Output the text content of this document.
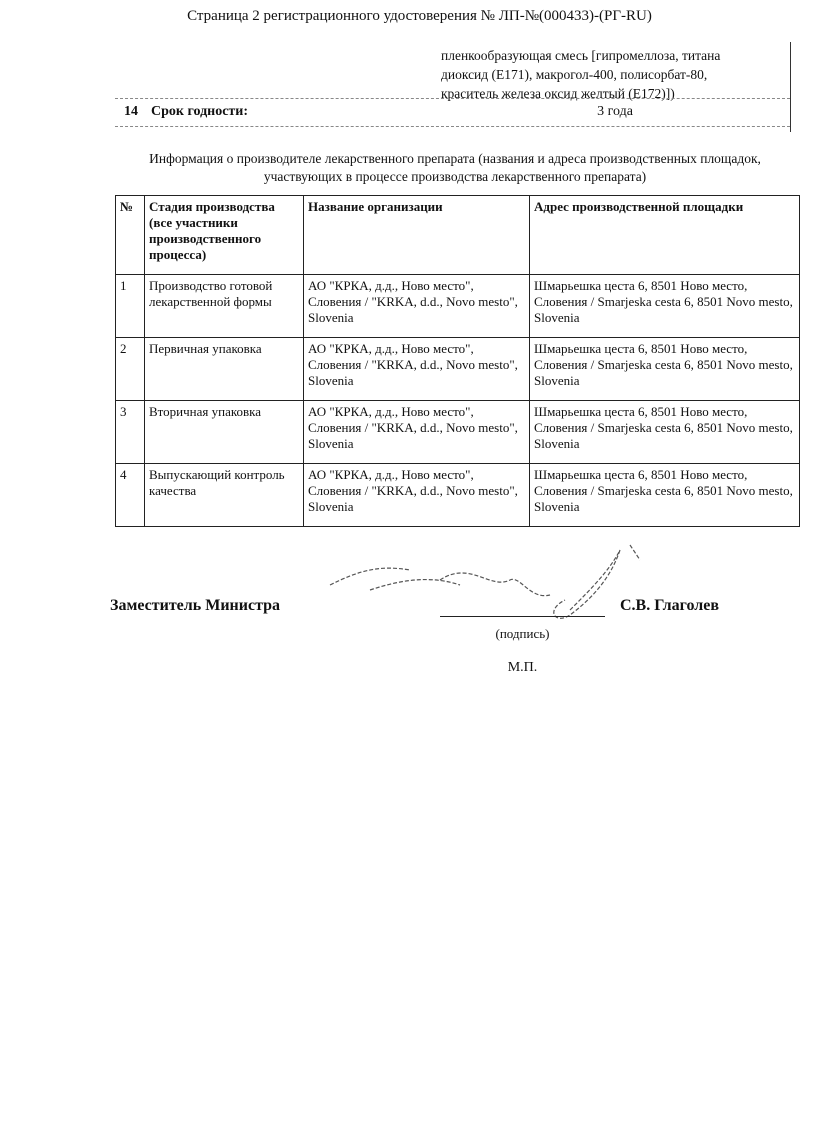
Страница 2 регистрационного удостоверения № ЛП-№(000433)-(РГ-RU)
пленкообразующая смесь [гипромеллоза, титана
диоксид (Е171), макрогол-400, полисорбат-80,
краситель железа оксид желтый (Е172)])
14 Срок годности:	3 года
Информация о производителе лекарственного препарата (названия и адреса производственных площадок,
участвующих в процессе производства лекарственного препарата)
№	Стадия производства (все участники производственного процесса)	Название организации	Адрес производственной площадки
1	Производство готовой лекарственной формы	АО "КРКА, д.д., Ново место", Словения / "KRKA, d.d., Novo mesto", Slovenia	Шмарьешка цеста 6, 8501 Ново место, Словения / Smarjeska cesta 6, 8501 Novo mesto, Slovenia
2	Первичная упаковка	АО "КРКА, д.д., Ново место", Словения / "KRKA, d.d., Novo mesto", Slovenia	Шмарьешка цеста 6, 8501 Ново место, Словения / Smarjeska cesta 6, 8501 Novo mesto, Slovenia
3	Вторичная упаковка	АО "КРКА, д.д., Ново место", Словения / "KRKA, d.d., Novo mesto", Slovenia	Шмарьешка цеста 6, 8501 Ново место, Словения / Smarjeska cesta 6, 8501 Novo mesto, Slovenia
4	Выпускающий контроль качества	АО "КРКА, д.д., Ново место", Словения / "KRKA, d.d., Novo mesto", Slovenia	Шмарьешка цеста 6, 8501 Ново место, Словения / Smarjeska cesta 6, 8501 Novo mesto, Slovenia
Заместитель Министра	С.В. Глаголев
(подпись)
М.П.
